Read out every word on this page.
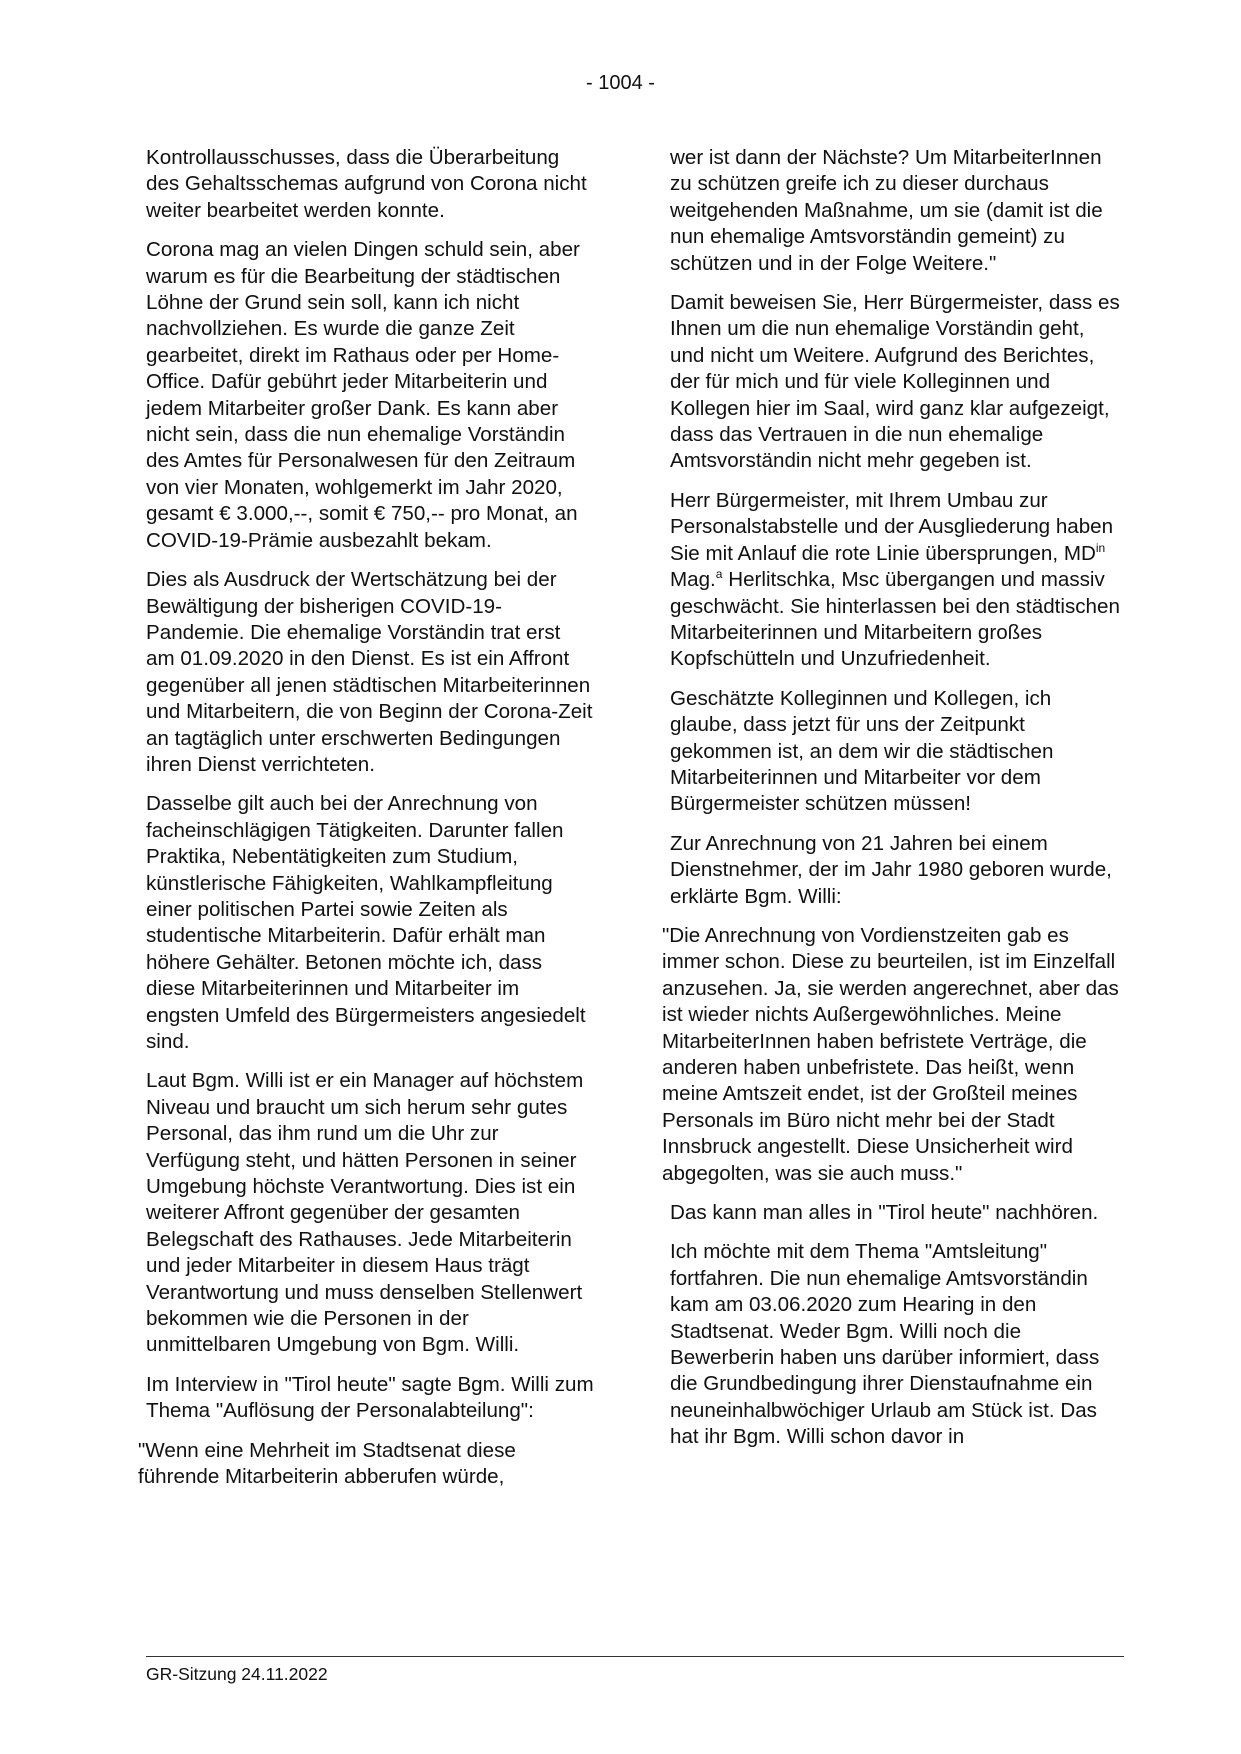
- 1004 -

Kontrollausschusses, dass die Überarbeitung des Gehaltsschemas aufgrund von Corona nicht weiter bearbeitet werden konnte.

Corona mag an vielen Dingen schuld sein, aber warum es für die Bearbeitung der städtischen Löhne der Grund sein soll, kann ich nicht nachvollziehen. Es wurde die ganze Zeit gearbeitet, direkt im Rathaus oder per Home-Office. Dafür gebührt jeder Mitarbeiterin und jedem Mitarbeiter großer Dank. Es kann aber nicht sein, dass die nun ehemalige Vorständin des Amtes für Personalwesen für den Zeitraum von vier Monaten, wohlgemerkt im Jahr 2020, gesamt € 3.000,--, somit € 750,-- pro Monat, an COVID-19-Prämie ausbezahlt bekam.

Dies als Ausdruck der Wertschätzung bei der Bewältigung der bisherigen COVID-19-Pandemie. Die ehemalige Vorständin trat erst am 01.09.2020 in den Dienst. Es ist ein Affront gegenüber all jenen städtischen Mitarbeiterinnen und Mitarbeitern, die von Beginn der Corona-Zeit an tagtäglich unter erschwerten Bedingungen ihren Dienst verrichteten.

Dasselbe gilt auch bei der Anrechnung von facheinschlägigen Tätigkeiten. Darunter fallen Praktika, Nebentätigkeiten zum Studium, künstlerische Fähigkeiten, Wahlkampfleitung einer politischen Partei sowie Zeiten als studentische Mitarbeiterin. Dafür erhält man höhere Gehälter. Betonen möchte ich, dass diese Mitarbeiterinnen und Mitarbeiter im engsten Umfeld des Bürgermeisters angesiedelt sind.

Laut Bgm. Willi ist er ein Manager auf höchstem Niveau und braucht um sich herum sehr gutes Personal, das ihm rund um die Uhr zur Verfügung steht, und hätten Personen in seiner Umgebung höchste Verantwortung. Dies ist ein weiterer Affront gegenüber der gesamten Belegschaft des Rathauses. Jede Mitarbeiterin und jeder Mitarbeiter in diesem Haus trägt Verantwortung und muss denselben Stellenwert bekommen wie die Personen in der unmittelbaren Umgebung von Bgm. Willi.

Im Interview in "Tirol heute" sagte Bgm. Willi zum Thema "Auflösung der Personalabteilung":

"Wenn eine Mehrheit im Stadtsenat diese führende Mitarbeiterin abberufen würde,

wer ist dann der Nächste? Um MitarbeiterInnen zu schützen greife ich zu dieser durchaus weitgehenden Maßnahme, um sie (damit ist die nun ehemalige Amtsvorständin gemeint) zu schützen und in der Folge Weitere."

Damit beweisen Sie, Herr Bürgermeister, dass es Ihnen um die nun ehemalige Vorständin geht, und nicht um Weitere. Aufgrund des Berichtes, der für mich und für viele Kolleginnen und Kollegen hier im Saal, wird ganz klar aufgezeigt, dass das Vertrauen in die nun ehemalige Amtsvorständin nicht mehr gegeben ist.

Herr Bürgermeister, mit Ihrem Umbau zur Personalstabstelle und der Ausgliederung haben Sie mit Anlauf die rote Linie übersprungen, $MD^{in}$ Mag.$^a$ Herlitschka, Msc übergangen und massiv geschwächt. Sie hinterlassen bei den städtischen Mitarbeiterinnen und Mitarbeitern großes Kopfschütteln und Unzufriedenheit.

Geschätzte Kolleginnen und Kollegen, ich glaube, dass jetzt für uns der Zeitpunkt gekommen ist, an dem wir die städtischen Mitarbeiterinnen und Mitarbeiter vor dem Bürgermeister schützen müssen!

Zur Anrechnung von 21 Jahren bei einem Dienstnehmer, der im Jahr 1980 geboren wurde, erklärte Bgm. Willi:

"Die Anrechnung von Vordienstzeiten gab es immer schon. Diese zu beurteilen, ist im Einzelfall anzusehen. Ja, sie werden angerechnet, aber das ist wieder nichts Außergewöhnliches. Meine MitarbeiterInnen haben befristete Verträge, die anderen haben unbefristete. Das heißt, wenn meine Amtszeit endet, ist der Großteil meines Personals im Büro nicht mehr bei der Stadt Innsbruck angestellt. Diese Unsicherheit wird abgegolten, was sie auch muss."

Das kann man alles in "Tirol heute" nachhören.

Ich möchte mit dem Thema "Amtsleitung" fortfahren. Die nun ehemalige Amtsvorständin kam am 03.06.2020 zum Hearing in den Stadtsenat. Weder Bgm. Willi noch die Bewerberin haben uns darüber informiert, dass die Grundbedingung ihrer Dienstaufnahme ein neuneinhalbwöchiger Urlaub am Stück ist. Das hat ihr Bgm. Willi schon davor in

GR-Sitzung 24.11.2022
